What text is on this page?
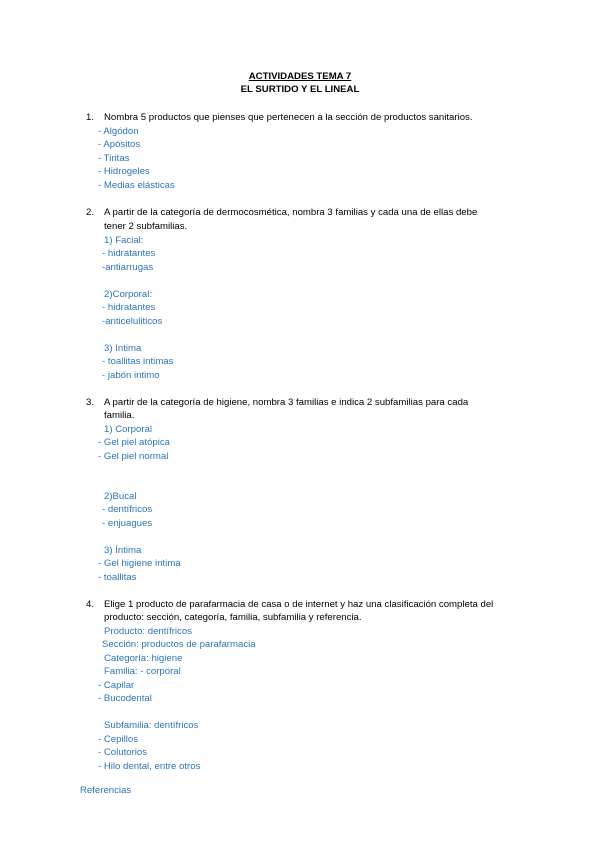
ACTIVIDADES TEMA 7
EL SURTIDO Y EL LINEAL
1. Nombra 5 productos que pienses que pertenecen a la sección de productos sanitarios.
- Algódon
- Apósitos
- Tiritas
- Hidrogeles
- Medias elásticas
2. A partir de la categoría de dermocosmética, nombra 3 familias y cada una de ellas debe
tener 2 subfamilias.
1) Facial:
- hidratantes
-antiarrugas
2)Corporal:
- hidratantes
-anticeluliticos
3) Intima
- toallitas intimas
- jabón intimo
3. A partir de la categoría de higiene, nombra 3 familias e indica 2 subfamilias para cada
familia.
1) Corporal
- Gel piel atópica
- Gel piel normal
2)Bucal
- dentífricos
- enjuagues
3) Íntima
- Gel higiene intima
- toallitas
4. Elige 1 producto de parafarmacia de casa o de internet y haz una clasificación completa del
producto: sección, categoría, familia, subfamilia y referencia.
Producto: dentífricos
Sección: productos de parafarmacia
Categoría: higiene
Familia: - corporal
- Capilar
- Bucodental
Subfamilia: dentífricos
- Cepillos
- Colutorios
- Hilo dental, entre otros
Referencias
